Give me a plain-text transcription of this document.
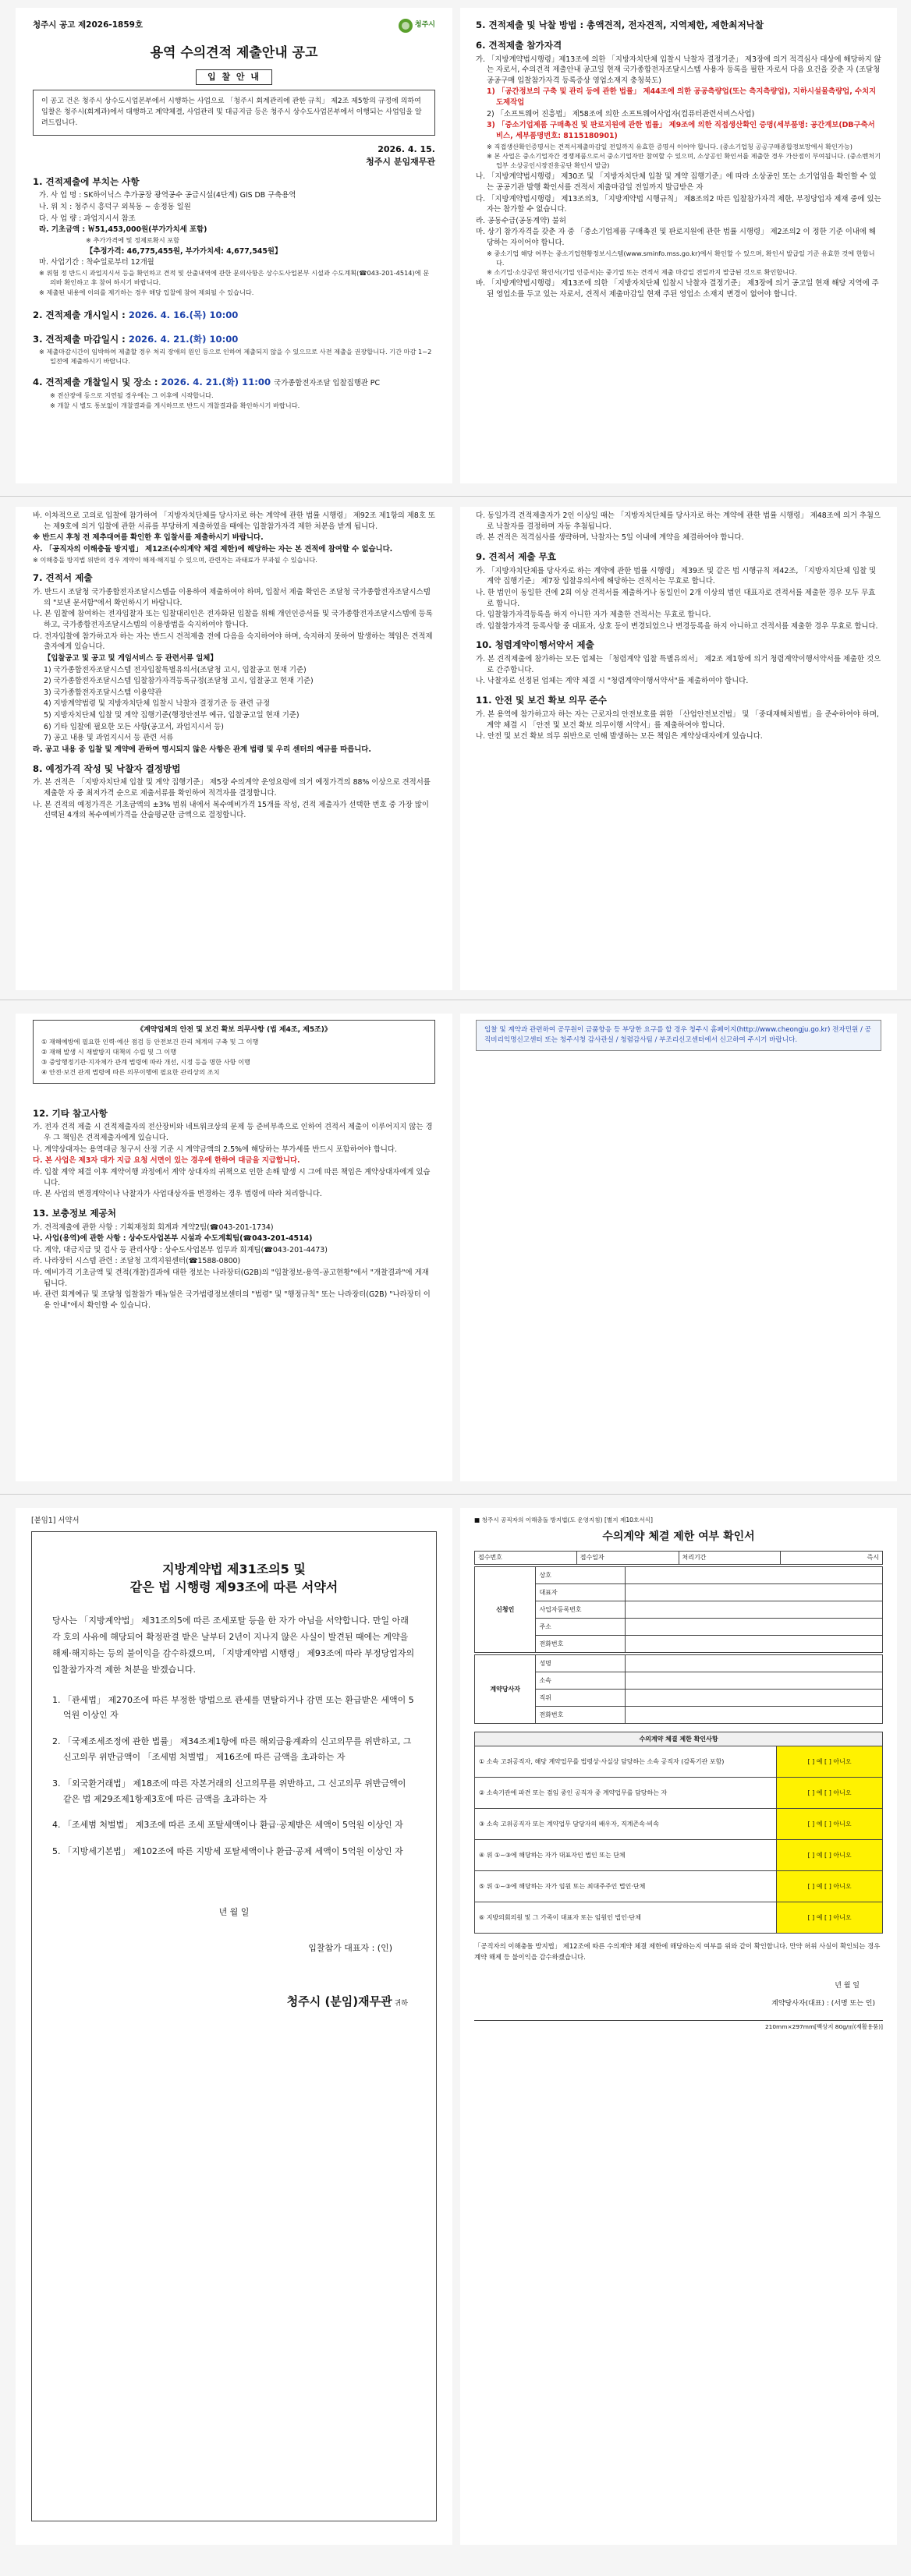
청주시 공고 제2026-1859호	청주시
용역 수의견적 제출안내 공고
입 찰 안 내
이 공고 건은 청주시 상수도시업본부에서 시행하는 사업으로 「청주시 회계관리에 관한 규칙」 제2조 제5항의 규정에 의하여 입찰은 청주시(회계과)에서 대행하고 계약체결, 사업관리 및 대금지급 등은 청주시 상수도사업본부에서 이행되는 사업임을 알려드립니다.
2026. 4. 15.
청주시 분임재무관
1. 견적제출에 부치는 사항
가. 사 업 명 : SK하이닉스 추가공장 광역공수 공급시설(4단계) GIS DB 구축용역
나. 위 치 : 청주시 흥덕구 외북동 ~ 송정동 일원
다. 사 업 량 : 과업지시서 참조
라. 기초금액 : ￦51,453,000원(부가가치세 포함)
※ 추가가격에 및 정제로확시 포함
【추정가격: 46,775,455원, 부가가치세: 4,677,545원】
마. 사업기간 : 착수일로부터 12개월
※ 위험 정 반드시 과업지시서 등을 확인하고 견적 및 산출내역에 관한 문의사항은 상수도사업본부 시설과 수도계획(☎043-201-4514)에 문의바 확인하고 후 참여 하시기 바랍니다.
※ 제출된 내용에 이의를 제기하는 경우 해당 입찰에 참여 제외될 수 있습니다.
2. 견적제출 개시일시 : 2026. 4. 16.(목) 10:00
3. 견적제출 마감일시 : 2026. 4. 21.(화) 10:00
※ 제출마감시간이 임박하여 제출할 경우 처리 장애의 원인 등으로 인하여 제출되지 않을 수 있으므로 사전 제출을 권장합니다. 기간 마감 1~2일전에 제출하시기 바랍니다.
4. 견적제출 개찰일시 및 장소 : 2026. 4. 21.(화) 11:00 국가종합전자조달 입찰집행관 PC
※ 전산장애 등으로 지연될 경우에는 그 이후에 시작합니다.
※ 개찰 시 별도 통보없이 개찰결과를 게시하므로 반드시 개찰결과를 확인하시기 바랍니다.
5. 견적제출 및 낙찰 방법 : 총액견적, 전자견적, 지역제한, 제한최저낙찰
6. 견적제출 참가자격
가. 「지방계약법시행령」제13조에 의한 「지방자치단체 입찰시 낙찰자 결정기준」 제3장에 의거 적격심사 대상에 해당하지 않는 자로서, 수의견적 제출안내 공고일 현재 국가종합전자조달시스템 사용자 등록을 필한 자로서 다음 요건을 갖춘 자 (조달청 공공구매 입찰참가자격 등록증상 영업소재지 충청북도)
1) 「공간정보의 구축 및 관리 등에 관한 법률」 제44조에 의한 공공측량업(또는 측지측량업), 지하시설물측량업, 수치지도제작업
2) 「소프트웨어 진흥법」 제58조에 의한 소프트웨어사업자(컴퓨터관련서비스사업)
3) 「중소기업제품 구매촉진 및 판로지원에 관한 법률」 제9조에 의한 직접생산확인 증명(세부품명: 공간계보(DB구축서비스, 세부품명번호: 8115180901)
※ 직접생산확인증명서는 견적서제출마감일 전일까지 유효한 증명서 이어야 합니다. (중소기업청 공공구매종합정보망에서 확인가능)
※ 본 사업은 중소기업자간 경쟁제품으로서 중소기업자만 참여할 수 있으며, 소상공인 확인서를 제출한 경우 가산점이 부여됩니다. (중소벤처기업부 소상공인시장진흥공단 확인서 발급)
나. 「지방계약법시행령」 제30조 및 「지방자치단체 입찰 및 계약 집행기준」에 따라 소상공인 또는 소기업임을 확인할 수 있는 공공기관 발행 확인서를 견적서 제출마감일 전일까지 발급받은 자
다. 「지방계약법시행령」 제13조의3, 「지방계약법 시행규칙」 제8조의2 따른 입찰참가자격 제한, 부정당업자 제재 중에 있는 자는 참가할 수 없습니다.
라. 공동수급(공동계약) 불허
마. 상기 참가자격을 갖춘 자 중 「중소기업제품 구매촉진 및 판로지원에 관한 법률 시행령」 제2조의2 이 정한 기준 이내에 해당하는 자이어야 합니다.
※ 중소기업 해당 여부는 중소기업현황정보시스템(www.sminfo.mss.go.kr)에서 확인할 수 있으며, 확인서 발급일 기준 유효한 것에 한합니다.
※ 소기업·소상공인 확인서(기업 인증서)는 중기업 또는 견적서 제출 마감일 전일까지 발급된 것으로 확인합니다.
바. 「지방계약법시행령」 제13조에 의한 「지방자치단체 입찰시 낙찰자 결정기준」 제3장에 의거 공고일 현재 해당 지역에 주된 영업소를 두고 있는 자로서, 견적서 제출마감일 현재 주된 영업소 소재지 변경이 없어야 합니다.
바. 이차적으로 고의로 입찰에 참가하여 「지방자치단체를 당사자로 하는 계약에 관한 법률 시행령」 제92조 제1항의 제8호 또는 제9호에 의거 입찰에 관한 서류를 부당하게 제출하였을 때에는 입찰참가자격 제한 처분을 받게 됩니다.
※ 반드시 후청 전 제추대여를 확인한 후 입찰서를 제출하시기 바랍니다.
사. 「공직자의 이해충돌 방지법」 제12조(수의계약 체결 제한)에 해당하는 자는 본 견적에 참여할 수 없습니다.
※ 이해충돌 방지법 위반의 경우 계약이 해제·해지될 수 있으며, 관련자는 과태료가 부과될 수 있습니다.
7. 견적서 제출
가. 반드시 조달청 국가종합전자조달시스템을 이용하여 제출하여야 하며, 입찰서 제출 확인은 조달청 국가종합전자조달시스템의 "보낸 문서함"에서 확인하시기 바랍니다.
나. 본 입찰에 참여하는 전자입찰자 또는 입찰대리인은 전자화된 입찰을 위해 개인인증서를 및 국가종합전자조달시스템에 등록하고, 국가종합전자조달시스템의 이용방법을 숙지하여야 합니다.
다. 전자입찰에 참가하고자 하는 자는 반드시 견적제출 전에 다음을 숙지하여야 하며, 숙지하지 못하여 발생하는 책임은 견적제출자에게 있습니다.
【입찰공고 및 공고 및 게임서비스 등 관련서류 일체】
1) 국가종합전자조달시스템 전자입찰특별유의서(조달청 고시, 입찰공고 현재 기준)
2) 국가종합전자조달시스템 입찰참가자격등록규정(조달청 고시, 입찰공고 현재 기준)
3) 국가종합전자조달시스템 이용약관
4) 지방계약법령 및 지방자치단체 입찰시 낙찰자 결정기준 등 관련 규정
5) 지방자치단체 입찰 및 계약 집행기준(행정안전부 예규, 입찰공고일 현재 기준)
6) 기타 입찰에 필요한 모든 사항(공고서, 과업지시서 등)
7) 공고 내용 및 과업지시서 등 관련 서류
라. 공고 내용 중 입찰 및 계약에 관하여 명시되지 않은 사항은 관계 법령 및 우리 센터의 예규를 따릅니다.
8. 예정가격 작성 및 낙찰자 결정방법
가. 본 견적은 「지방자치단체 입찰 및 계약 집행기준」 제5장 수의계약 운영요령에 의거 예정가격의 88% 이상으로 견적서를 제출한 자 중 최저가격 순으로 제출서류를 확인하여 적격자를 결정합니다.
나. 본 견적의 예정가격은 기초금액의 ±3% 범위 내에서 복수예비가격 15개를 작성, 견적 제출자가 선택한 번호 중 가장 많이 선택된 4개의 복수예비가격을 산술평균한 금액으로 결정합니다.
다. 동일가격 견적제출자가 2인 이상일 때는 「지방자치단체를 당사자로 하는 계약에 관한 법률 시행령」 제48조에 의거 추첨으로 낙찰자를 결정하며 자동 추첨됩니다.
라. 본 견적은 적격심사를 생략하며, 낙찰자는 5일 이내에 계약을 체결하여야 합니다.
9. 견적서 제출 무효
가. 「지방자치단체를 당사자로 하는 계약에 관한 법률 시행령」 제39조 및 같은 법 시행규칙 제42조, 「지방자치단체 입찰 및 계약 집행기준」 제7장 입찰유의서에 해당하는 견적서는 무효로 합니다.
나. 한 법인이 동일한 건에 2회 이상 견적서를 제출하거나 동일인이 2개 이상의 법인 대표자로 견적서를 제출한 경우 모두 무효로 합니다.
다. 입찰참가자격등록을 하지 아니한 자가 제출한 견적서는 무효로 합니다.
라. 입찰참가자격 등록사항 중 대표자, 상호 등이 변경되었으나 변경등록을 하지 아니하고 견적서를 제출한 경우 무효로 합니다.
10. 청렴계약이행서약서 제출
가. 본 견적제출에 참가하는 모든 업체는 「청렴계약 입찰 특별유의서」 제2조 제1항에 의거 청렴계약이행서약서를 제출한 것으로 간주합니다.
나. 낙찰자로 선정된 업체는 계약 체결 시 "청렴계약이행서약서"를 제출하여야 합니다.
11. 안전 및 보건 확보 의무 준수
가. 본 용역에 참가하고자 하는 자는 근로자의 안전보호를 위한 「산업안전보건법」 및 「중대재해처벌법」을 준수하여야 하며, 계약 체결 시 「안전 및 보건 확보 의무이행 서약서」를 제출하여야 합니다.
나. 안전 및 보건 확보 의무 위반으로 인해 발생하는 모든 책임은 계약상대자에게 있습니다.
《계약업체의 안전 및 보건 확보 의무사항 (법 제4조, 제5조)》
① 재해예방에 필요한 인력·예산 점검 등 안전보건 관리 체계의 구축 및 그 이행
② 재해 발생 시 재발방지 대책의 수립 및 그 이행
③ 중앙행정기관·지자체가 관계 법령에 따라 개선, 시정 등을 명한 사항 이행
④ 안전·보건 관계 법령에 따른 의무이행에 필요한 관리상의 조치
12. 기타 참고사항
가. 전자 견적 제출 시 견적제출자의 전산장비와 네트워크상의 문제 등 준비부족으로 인하여 견적서 제출이 이루어지지 않는 경우 그 책임은 견적제출자에게 있습니다.
나. 계약상대자는 용역대금 청구서 산정 기준 시 계약금액의 2.5%에 해당하는 부가세를 반드시 포함하여야 합니다.
다. 본 사업은 제3자 대가 지급 요청 서면이 있는 경우에 한하여 대금을 지급합니다.
라. 입찰 계약 체결 이후 계약이행 과정에서 계약 상대자의 귀책으로 인한 손해 발생 시 그에 따른 책임은 계약상대자에게 있습니다.
마. 본 사업의 변경계약이나 낙찰자가 사업대상자를 변경하는 경우 법령에 따라 처리합니다.
13. 보충정보 제공처
가. 견적제출에 관한 사항 : 기획재정회 회계과 계약2팀(☎043-201-1734)
나. 사업(용역)에 관한 사항 : 상수도사업본부 시설과 수도계획팀(☎043-201-4514)
다. 계약, 대금지급 및 검사 등 관리사항 : 상수도사업본부 업무과 회계팀(☎043-201-4473)
라. 나라장터 시스템 관련 : 조달청 고객지원센터(☎1588-0800)
마. 예비가격 기초금액 및 견적(개찰)결과에 대한 정보는 나라장터(G2B)의 "입찰정보-용역-공고현황"에서 "개찰결과"에 게재됩니다.
바. 관련 회계예규 및 조달청 입찰참가 매뉴얼은 국가법령정보센터의 "법령" 및 "행정규칙" 또는 나라장터(G2B) "나라장터 이용 안내"에서 확인할 수 있습니다.
입찰 및 계약과 관련하여 공무원이 금품향응 등 부당한 요구를 할 경우 청주시 홈페이지(http://www.cheongju.go.kr) 전자민원 / 공직비리익명신고센터 또는 청주시청 감사관실 / 청렴감사팀 / 부조리신고센터에서 신고하여 주시기 바랍니다.
[붙임1] 서약서
지방계약법 제31조의5 및
같은 법 시행령 제93조에 따른 서약서
당사는 「지방계약법」 제31조의5에 따른 조세포탈 등을 한 자가 아님을 서약합니다. 만일 아래 각 호의 사유에 해당되어 확정판결 받은 날부터 2년이 지나지 않은 사실이 발견된 때에는 계약을 해제·해지하는 등의 불이익을 감수하겠으며, 「지방계약법 시행령」 제93조에 따라 부정당업자의 입찰참가자격 제한 처분을 받겠습니다.
1. 「관세법」 제270조에 따른 부정한 방법으로 관세를 면탈하거나 감면 또는 환급받은 세액이 5억원 이상인 자
2. 「국제조세조정에 관한 법률」 제34조제1항에 따른 해외금융계좌의 신고의무를 위반하고, 그 신고의무 위반금액이 「조세범 처벌법」 제16조에 따른 금액을 초과하는 자
3. 「외국환거래법」 제18조에 따른 자본거래의 신고의무를 위반하고, 그 신고의무 위반금액이 같은 법 제29조제1항제3호에 따른 금액을 초과하는 자
4. 「조세범 처벌법」 제3조에 따른 조세 포탈세액이나 환급·공제받은 세액이 5억원 이상인 자
5. 「지방세기본법」 제102조에 따른 지방세 포탈세액이나 환급·공제 세액이 5억원 이상인 자
년 월 일
입찰참가 대표자 : (인)
청주시 (분임)재무관 귀하
■ 청주시 공직자의 이해충돌 방지법(도 운영지침) [별지 제10호서식]
수의계약 체결 제한 여부 확인서
접수번호	접수일자	처리기간	즉시
신청인	상호	
	대표자	
	사업자등록번호	
	주소	
	전화번호	
계약당사자	성명	
	소속	
	직위	
	전화번호	
수의계약 체결 제한 확인사항	
① 소속 고위공직자, 해당 계약업무를 법령상·사실상 담당하는 소속 공직자 (감독기관 포함)	[ ] 예 [ ] 아니오
② 소속기관에 파견 또는 겸임 중인 공직자 중 계약업무를 담당하는 자	[ ] 예 [ ] 아니오
③ 소속 고위공직자 또는 계약업무 담당자의 배우자, 직계존속·비속	[ ] 예 [ ] 아니오
④ 위 ①~③에 해당하는 자가 대표자인 법인 또는 단체	[ ] 예 [ ] 아니오
⑤ 위 ①~③에 해당하는 자가 임원 또는 최대주주인 법인·단체	[ ] 예 [ ] 아니오
⑥ 지방의회의원 및 그 가족이 대표자 또는 임원인 법인·단체	[ ] 예 [ ] 아니오
「공직자의 이해충돌 방지법」 제12조에 따른 수의계약 체결 제한에 해당하는지 여부를 위와 같이 확인합니다. 만약 허위 사실이 확인되는 경우 계약 해제 등 불이익을 감수하겠습니다.
년 월 일
계약당사자(대표) : (서명 또는 인)
210mm×297mm[백상지 80g/㎡(재활용품)]
